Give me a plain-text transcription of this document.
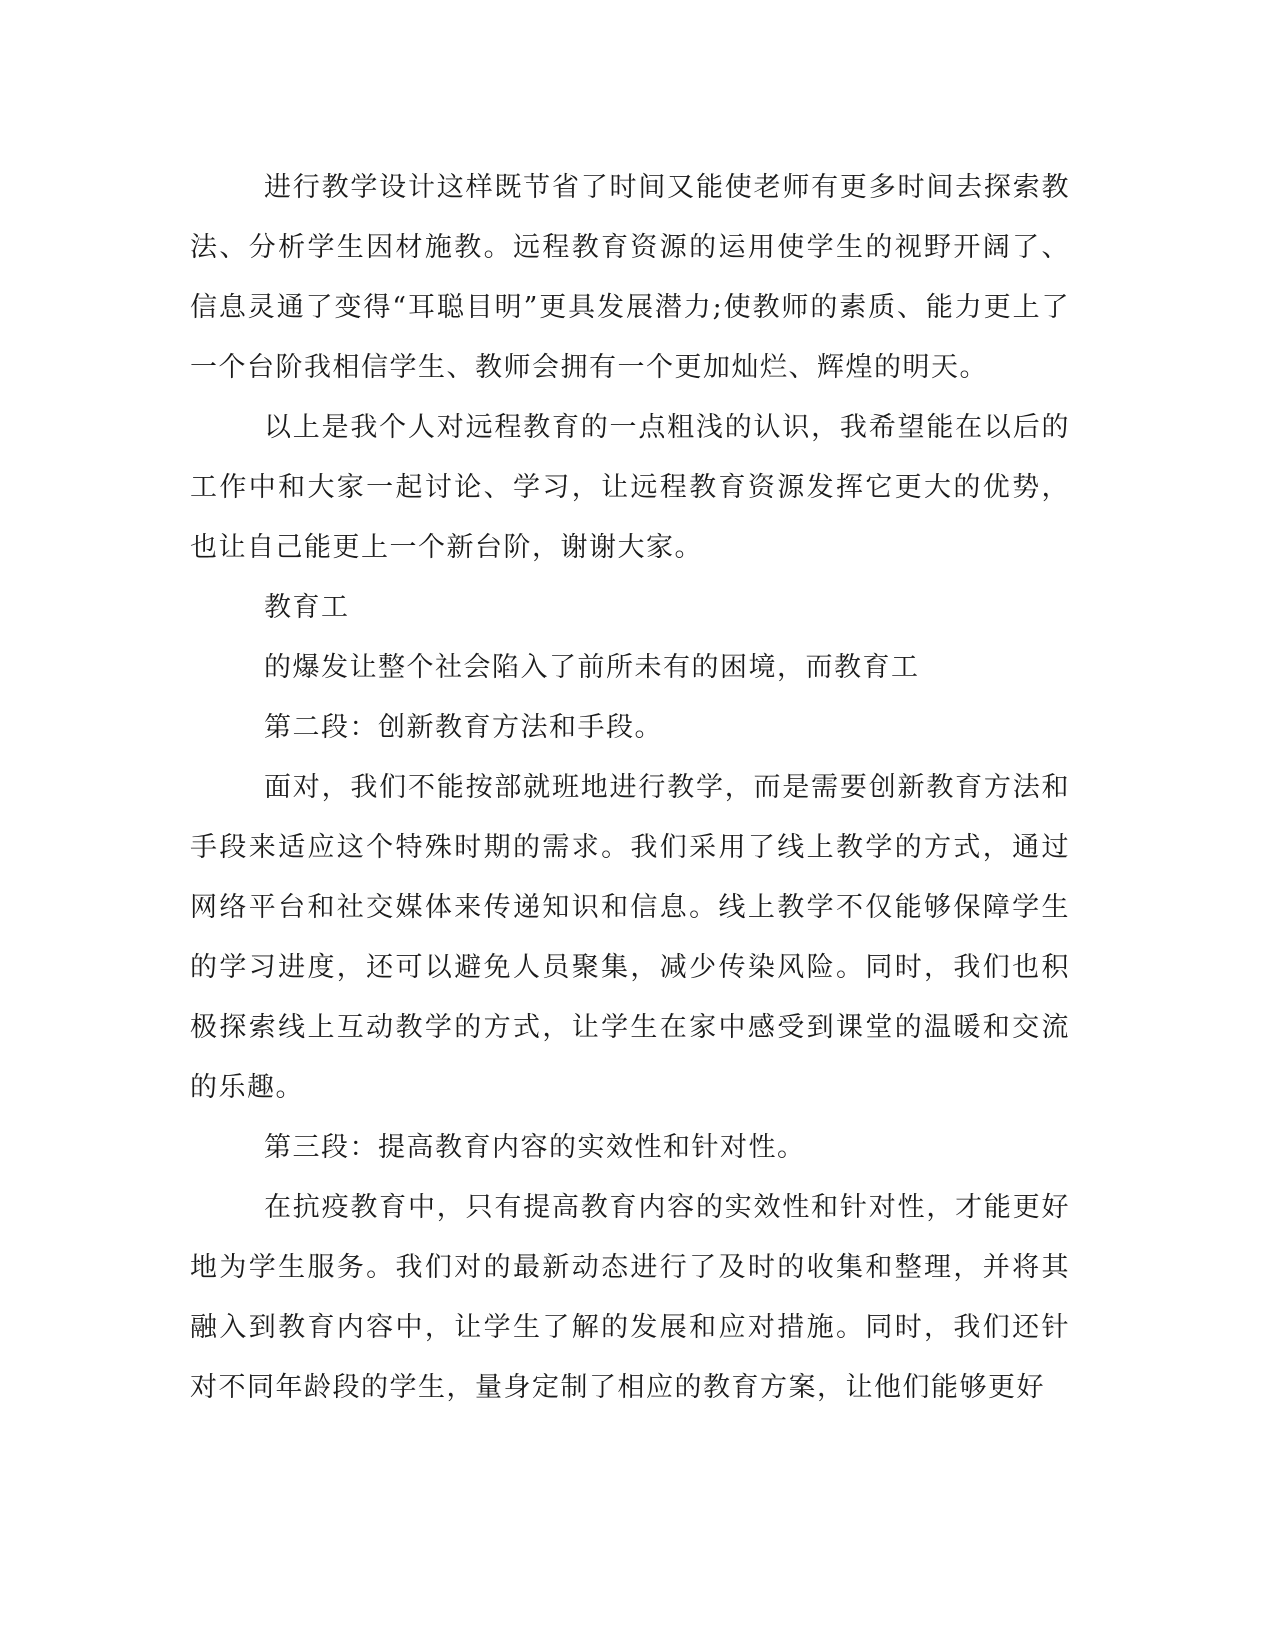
进行教学设计这样既节省了时间又能使老师有更多时间去探索教法、分析学生因材施教。远程教育资源的运用使学生的视野开阔了、信息灵通了变得“耳聪目明”更具发展潜力;使教师的素质、能力更上了一个台阶我相信学生、教师会拥有一个更加灿烂、辉煌的明天。

以上是我个人对远程教育的一点粗浅的认识，我希望能在以后的工作中和大家一起讨论、学习，让远程教育资源发挥它更大的优势，也让自己能更上一个新台阶，谢谢大家。

教育工

的爆发让整个社会陷入了前所未有的困境，而教育工

第二段：创新教育方法和手段。

面对，我们不能按部就班地进行教学，而是需要创新教育方法和手段来适应这个特殊时期的需求。我们采用了线上教学的方式，通过网络平台和社交媒体来传递知识和信息。线上教学不仅能够保障学生的学习进度，还可以避免人员聚集，减少传染风险。同时，我们也积极探索线上互动教学的方式，让学生在家中感受到课堂的温暖和交流的乐趣。

第三段：提高教育内容的实效性和针对性。

在抗疫教育中，只有提高教育内容的实效性和针对性，才能更好地为学生服务。我们对的最新动态进行了及时的收集和整理，并将其融入到教育内容中，让学生了解的发展和应对措施。同时，我们还针对不同年龄段的学生，量身定制了相应的教育方案，让他们能够更好
